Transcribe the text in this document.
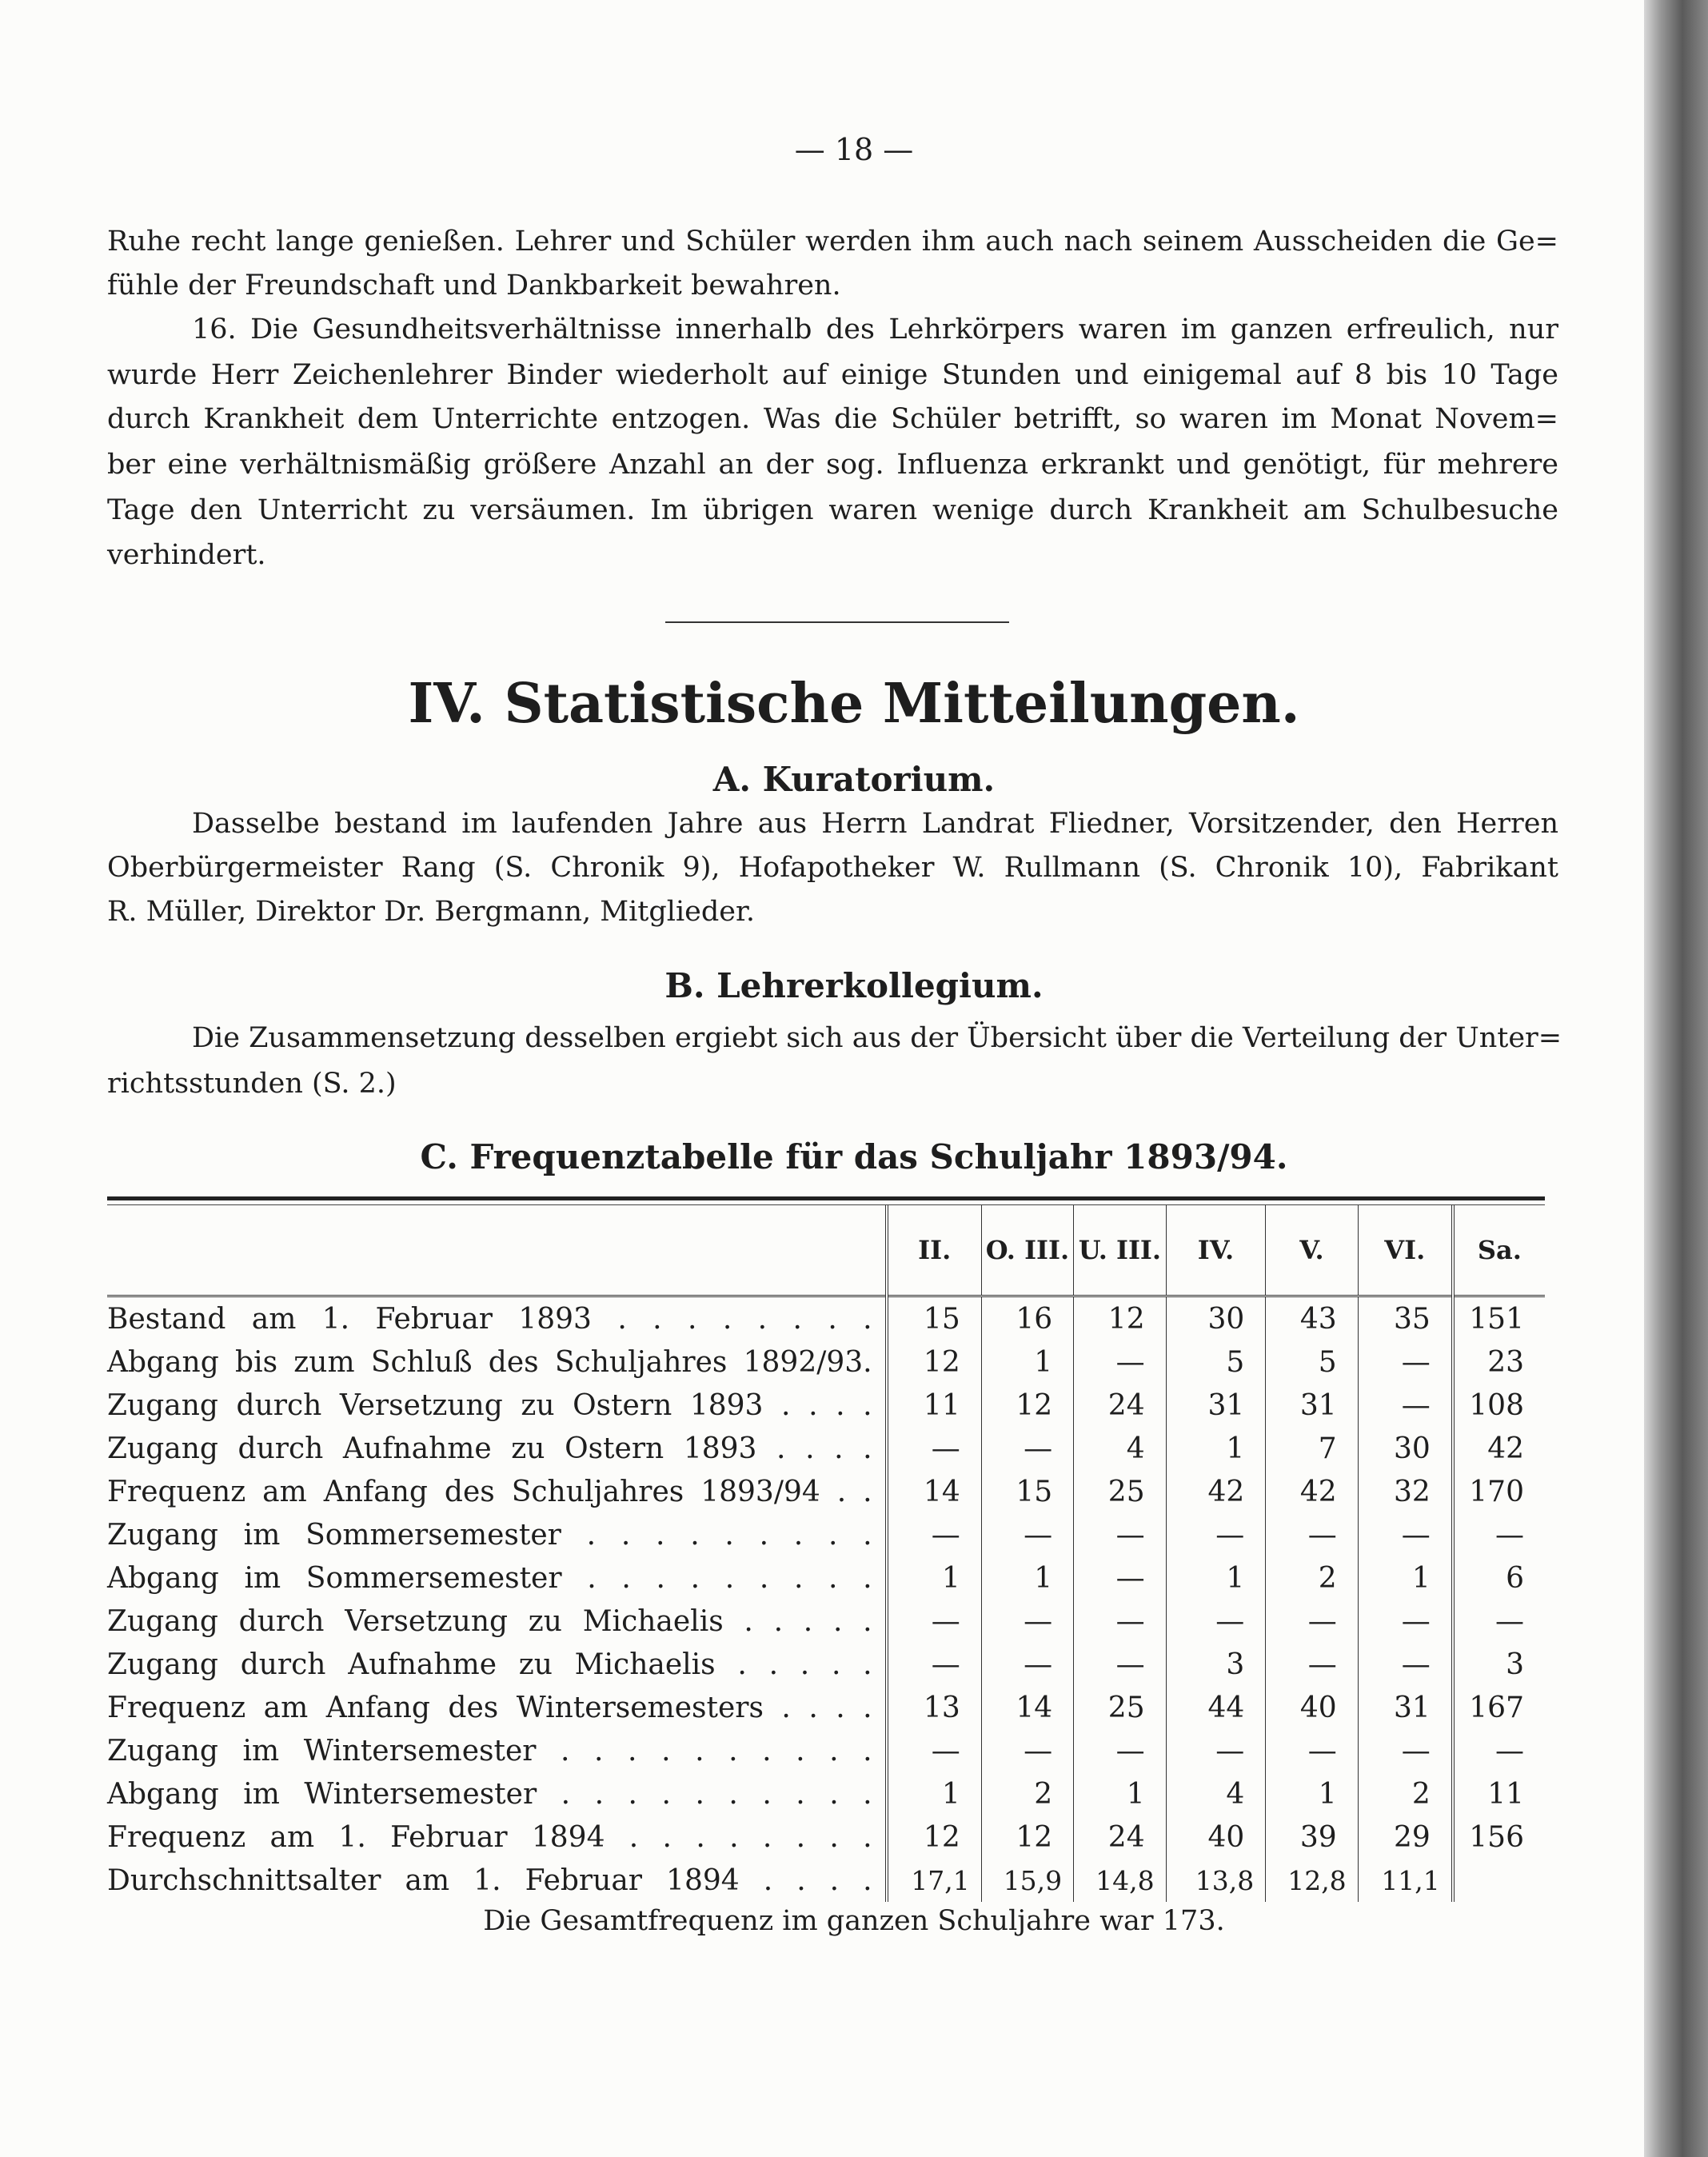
— 18 —
Ruhe recht lange genießen. Lehrer und Schüler werden ihm auch nach seinem Ausscheiden die Ge=
fühle der Freundschaft und Dankbarkeit bewahren.
16. Die Gesundheitsverhältnisse innerhalb des Lehrkörpers waren im ganzen erfreulich, nur
wurde Herr Zeichenlehrer Binder wiederholt auf einige Stunden und einigemal auf 8 bis 10 Tage
durch Krankheit dem Unterrichte entzogen. Was die Schüler betrifft, so waren im Monat Novem=
ber eine verhältnismäßig größere Anzahl an der sog. Influenza erkrankt und genötigt, für mehrere
Tage den Unterricht zu versäumen. Im übrigen waren wenige durch Krankheit am Schulbesuche
verhindert.
IV. Statistische Mitteilungen.
A. Kuratorium.
Dasselbe bestand im laufenden Jahre aus Herrn Landrat Fliedner, Vorsitzender, den Herren
Oberbürgermeister Rang (S. Chronik 9), Hofapotheker W. Rullmann (S. Chronik 10), Fabrikant
R. Müller, Direktor Dr. Bergmann, Mitglieder.
B. Lehrerkollegium.
Die Zusammensetzung desselben ergiebt sich aus der Übersicht über die Verteilung der Unter=
richtsstunden (S. 2.)
C. Frequenztabelle für das Schuljahr 1893/94.
	II.	O. III.	U. III.	IV.	V.	VI.	Sa.
Bestand am 1. Februar 1893 . . . . . . . .	15	16	12	30	43	35	151
Abgang bis zum Schluß des Schuljahres 1892/93.	12	1	—	5	5	—	23
Zugang durch Versetzung zu Ostern 1893 . . . .	11	12	24	31	31	—	108
Zugang durch Aufnahme zu Ostern 1893 . . . .	—	—	4	1	7	30	42
Frequenz am Anfang des Schuljahres 1893/94 . .	14	15	25	42	42	32	170
Zugang im Sommersemester . . . . . . . . .	—	—	—	—	—	—	—
Abgang im Sommersemester . . . . . . . . .	1	1	—	1	2	1	6
Zugang durch Versetzung zu Michaelis . . . . .	—	—	—	—	—	—	—
Zugang durch Aufnahme zu Michaelis . . . . .	—	—	—	3	—	—	3
Frequenz am Anfang des Wintersemesters . . . .	13	14	25	44	40	31	167
Zugang im Wintersemester . . . . . . . . . .	—	—	—	—	—	—	—
Abgang im Wintersemester . . . . . . . . . .	1	2	1	4	1	2	11
Frequenz am 1. Februar 1894 . . . . . . . .	12	12	24	40	39	29	156
Durchschnittsalter am 1. Februar 1894 . . . .	17,1	15,9	14,8	13,8	12,8	11,1	
Die Gesamtfrequenz im ganzen Schuljahre war 173.
